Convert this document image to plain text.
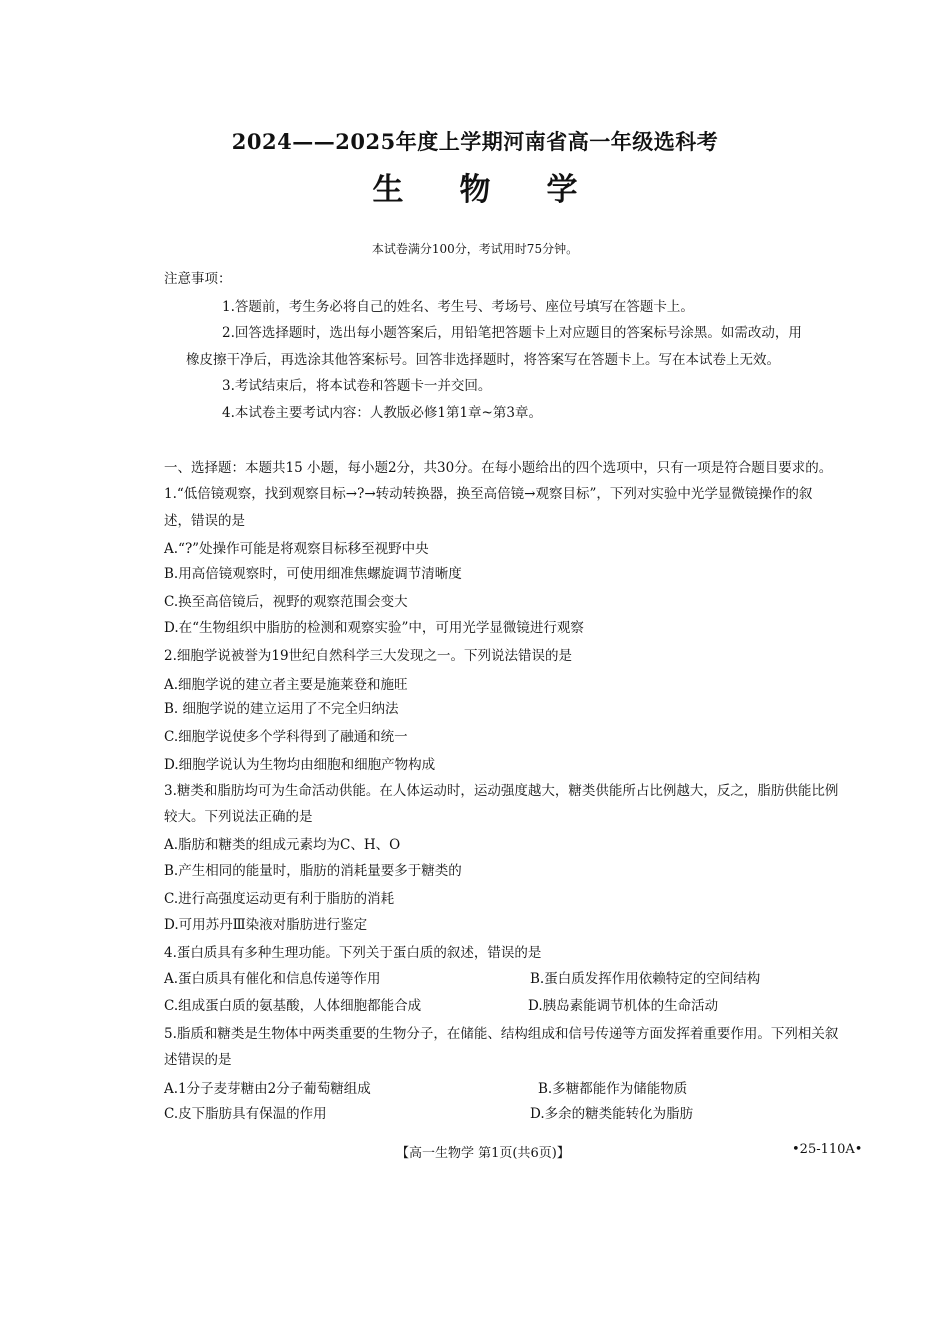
2024——2025年度上学期河南省高一年级选科考
生 物 学
本试卷满分100分，考试用时75分钟。
注意事项：
1.答题前，考生务必将自己的姓名、考生号、考场号、座位号填写在答题卡上。
2.回答选择题时，选出每小题答案后，用铅笔把答题卡上对应题目的答案标号涂黑。如需改动，用
橡皮擦干净后，再选涂其他答案标号。回答非选择题时，将答案写在答题卡上。写在本试卷上无效。
3.考试结束后，将本试卷和答题卡一并交回。
4.本试卷主要考试内容：人教版必修1第1章~第3章。
一、选择题：本题共15 小题，每小题2分，共30分。在每小题给出的四个选项中，只有一项是符合题目要求的。
1.“低倍镜观察，找到观察目标→?→转动转换器，换至高倍镜→观察目标”，下列对实验中光学显微镜操作的叙
述，错误的是
A.“?”处操作可能是将观察目标移至视野中央
B.用高倍镜观察时，可使用细准焦螺旋调节清晰度
C.换至高倍镜后，视野的观察范围会变大
D.在“生物组织中脂肪的检测和观察实验”中，可用光学显微镜进行观察
2.细胞学说被誉为19世纪自然科学三大发现之一。下列说法错误的是
A.细胞学说的建立者主要是施莱登和施旺
B. 细胞学说的建立运用了不完全归纳法
C.细胞学说使多个学科得到了融通和统一
D.细胞学说认为生物均由细胞和细胞产物构成
3.糖类和脂肪均可为生命活动供能。在人体运动时，运动强度越大，糖类供能所占比例越大，反之，脂肪供能比例
较大。下列说法正确的是
A.脂肪和糖类的组成元素均为C、H、O
B.产生相同的能量时，脂肪的消耗量要多于糖类的
C.进行高强度运动更有利于脂肪的消耗
D.可用苏丹Ⅲ染液对脂肪进行鉴定
4.蛋白质具有多种生理功能。下列关于蛋白质的叙述，错误的是
A.蛋白质具有催化和信息传递等作用	B.蛋白质发挥作用依赖特定的空间结构
C.组成蛋白质的氨基酸，人体细胞都能合成	D.胰岛素能调节机体的生命活动
5.脂质和糖类是生物体中两类重要的生物分子，在储能、结构组成和信号传递等方面发挥着重要作用。下列相关叙
述错误的是
A.1分子麦芽糖由2分子葡萄糖组成	B.多糖都能作为储能物质
C.皮下脂肪具有保温的作用	D.多余的糖类能转化为脂肪
【高一生物学 第1页(共6页)】	•25-110A•
